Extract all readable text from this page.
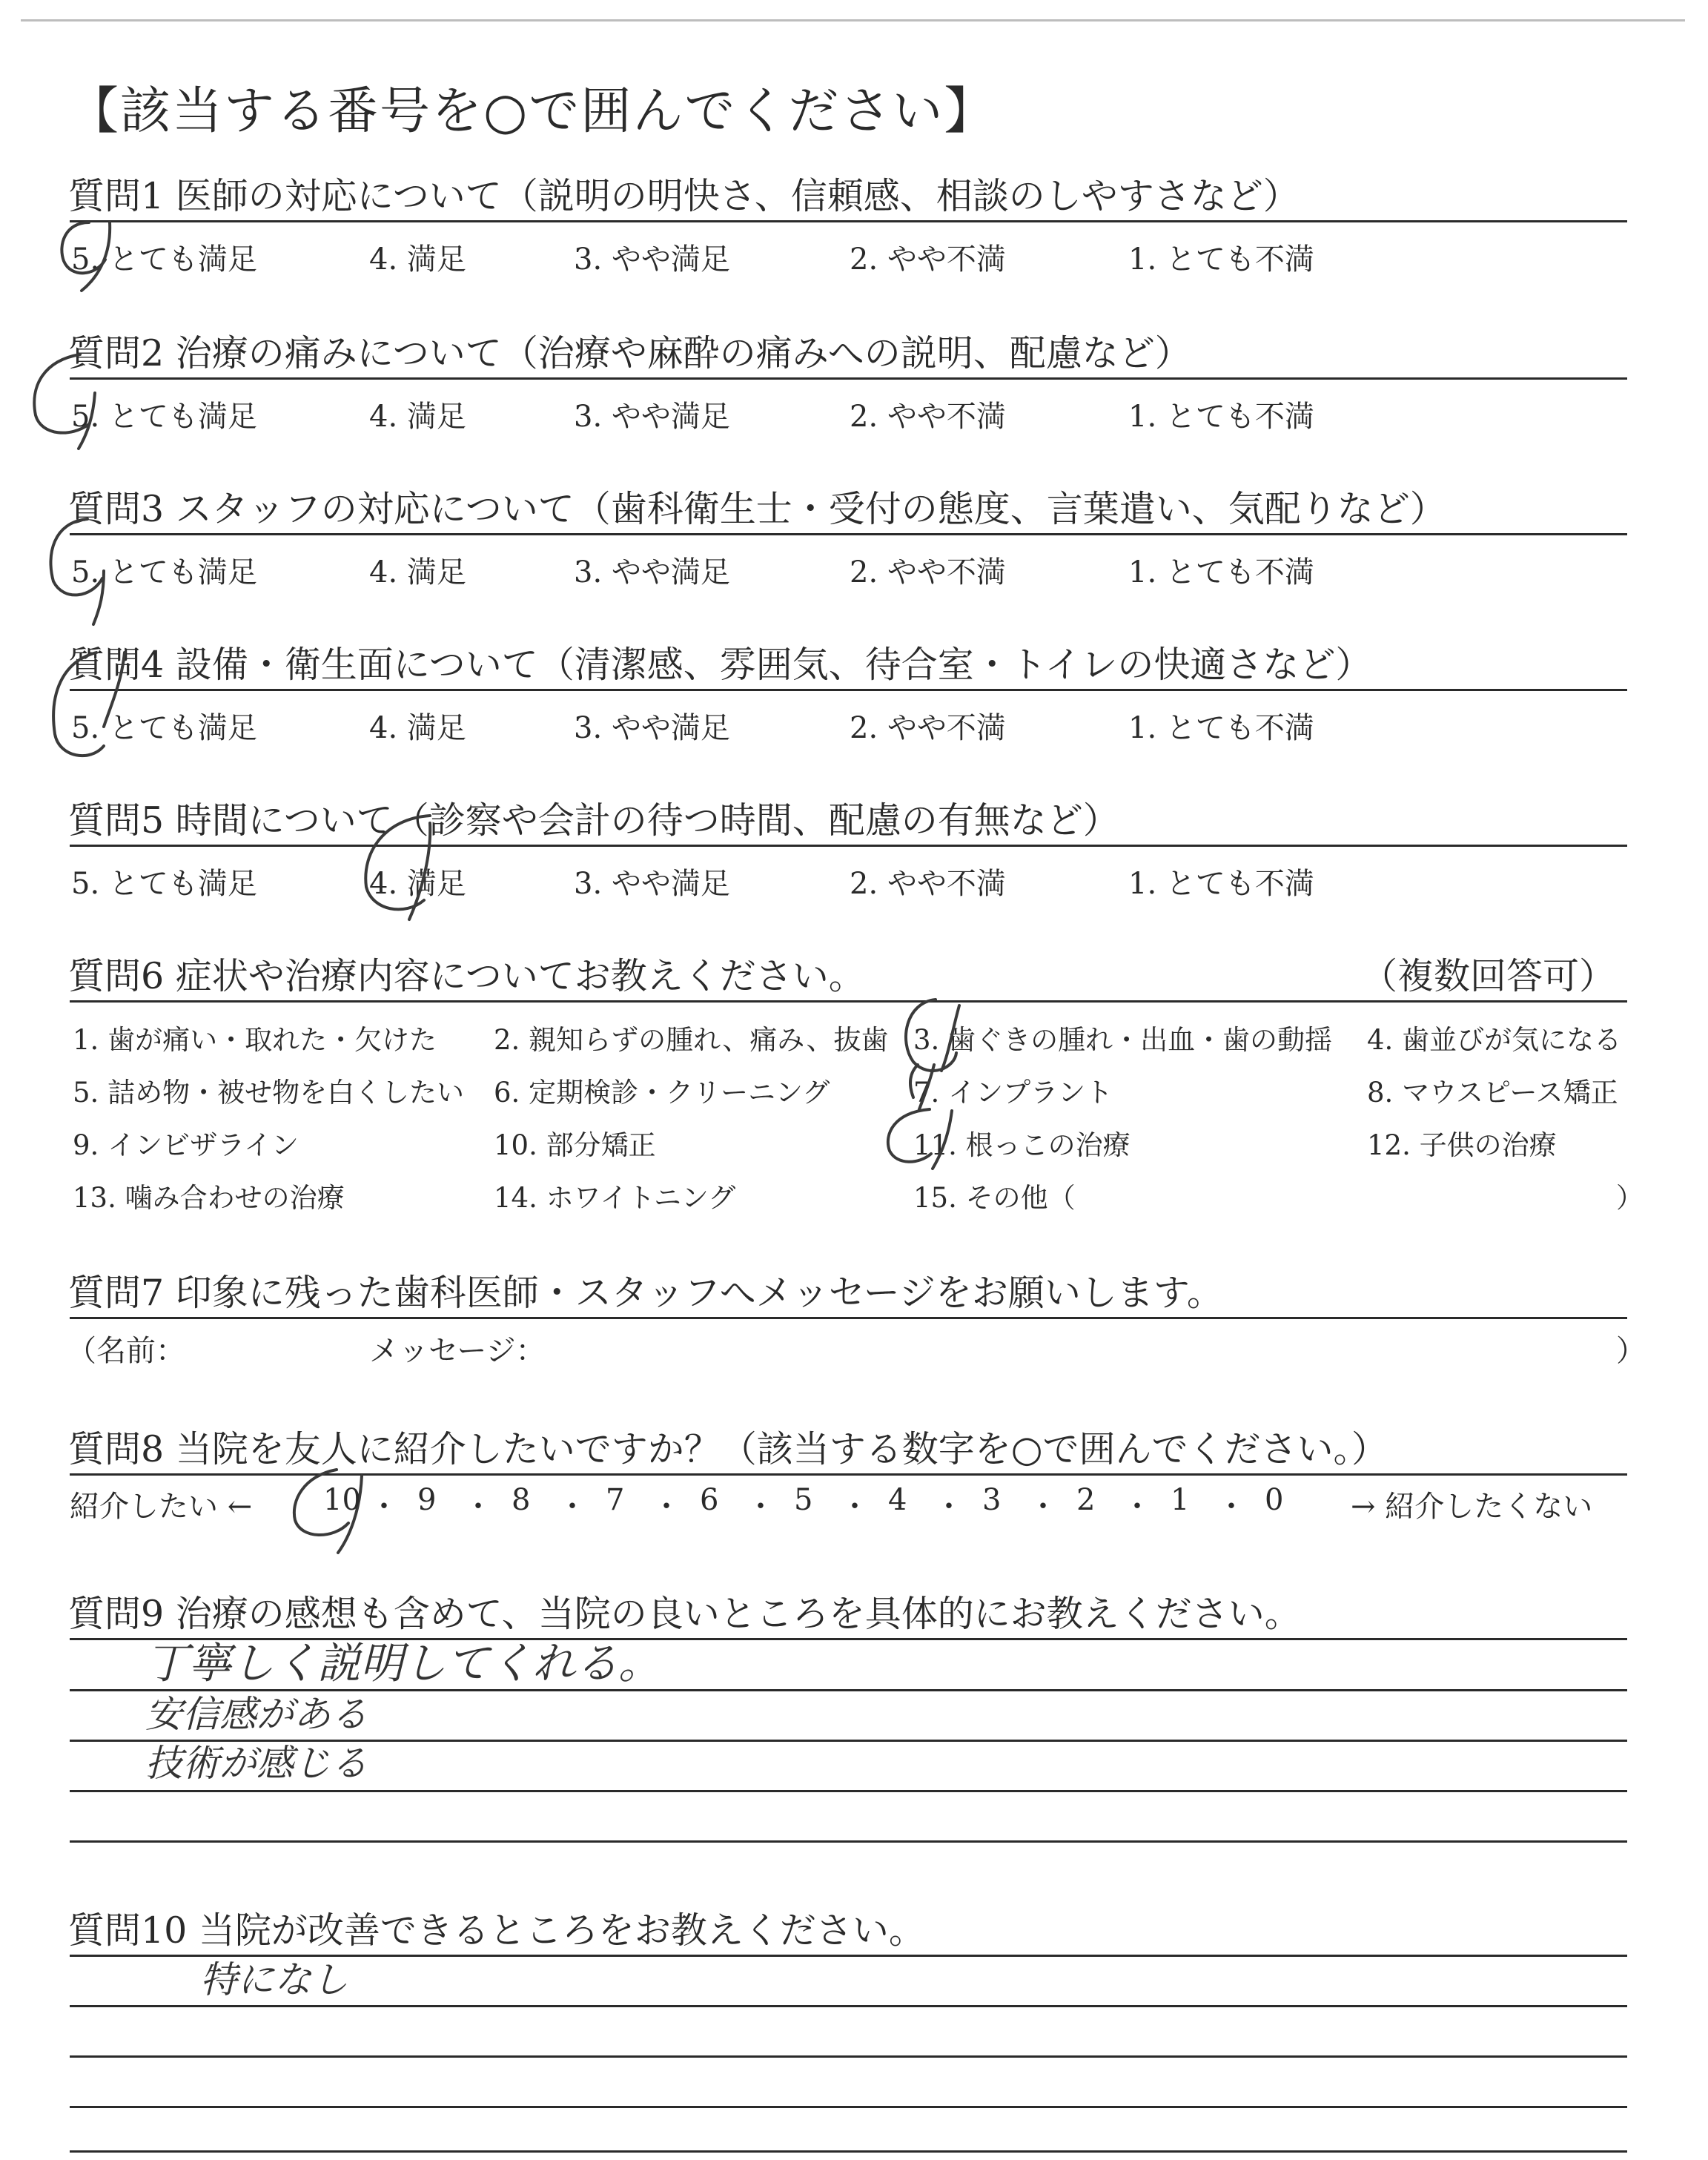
【該当する番号を○で囲んでください】
質問1 医師の対応について（説明の明快さ、信頼感、相談のしやすさなど）
5. とても満足	4. 満足	3. やや満足	2. やや不満	1. とても不満
質問2 治療の痛みについて（治療や麻酔の痛みへの説明、配慮など）
5. とても満足	4. 満足	3. やや満足	2. やや不満	1. とても不満
質問3 スタッフの対応について（歯科衛生士・受付の態度、言葉遣い、気配りなど）
5. とても満足	4. 満足	3. やや満足	2. やや不満	1. とても不満
質問4 設備・衛生面について（清潔感、雰囲気、待合室・トイレの快適さなど）
5. とても満足	4. 満足	3. やや満足	2. やや不満	1. とても不満
質問5 時間について（診察や会計の待つ時間、配慮の有無など）
5. とても満足	4. 満足	3. やや満足	2. やや不満	1. とても不満
質問6 症状や治療内容についてお教えください。	（複数回答可）
1. 歯が痛い・取れた・欠けた 2. 親知らずの腫れ、痛み、抜歯 3. 歯ぐきの腫れ・出血・歯の動揺 4. 歯並びが気になる
5. 詰め物・被せ物を白くしたい 6. 定期検診・クリーニング	7. インプラント	8. マウスピース矯正
9. インビザライン	10. 部分矯正	11. 根っこの治療	12. 子供の治療
13. 噛み合わせの治療	14. ホワイトニング	15. その他（	）
質問7 印象に残った歯科医師・スタッフへメッセージをお願いします。
（名前：	メッセージ：	）
質問8 当院を友人に紹介したいですか？（該当する数字を○で囲んでください。）
紹介したい ←	→ 紹介したくない
質問9 治療の感想も含めて、当院の良いところを具体的にお教えください。
丁寧しく説明してくれる。
安信感がある
技術が感じる
質問10 当院が改善できるところをお教えください。
特になし
10 ・ 9 ・ 8 ・ 7 ・ 6 ・ 5 ・ 4 ・ 3 ・ 2 ・ 1 ・ 0
